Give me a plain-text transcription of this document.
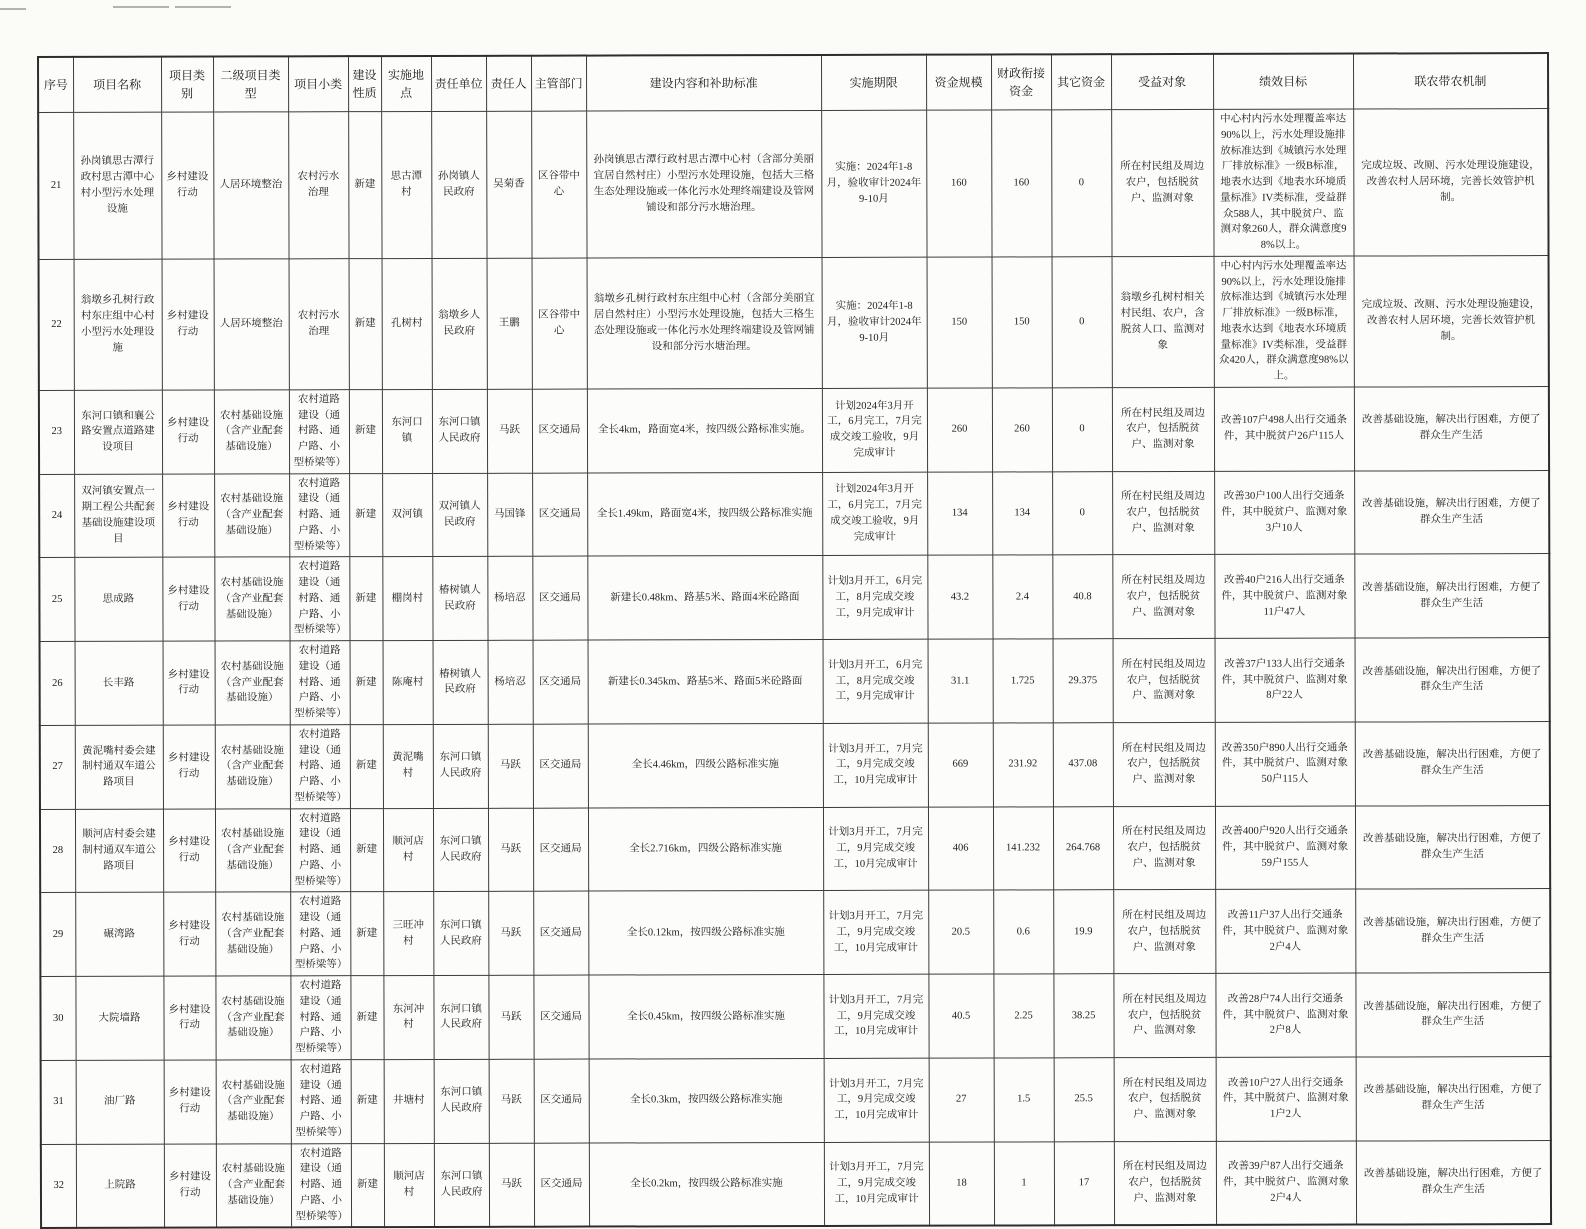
序号	项目名称	项目类别	二级项目类型	项目小类	建设性质	实施地点	责任单位	责任人	主管部门	建设内容和补助标准	实施期限	资金规模	财政衔接资金	其它资金	受益对象	绩效目标	联农带农机制
21	孙岗镇思古潭行政村思古潭中心村小型污水处理设施	乡村建设行动	人居环境整治	农村污水治理	新建	思古潭村	孙岗镇人民政府	吴菊香	区谷带中心	孙岗镇思古潭行政村思古潭中心村（含部分美丽宜居自然村庄）小型污水处理设施，包括大三格生态处理设施或一体化污水处理终端建设及管网铺设和部分污水塘治理。	实施：2024年1-8月，验收审计2024年9-10月	160	160	0	所在村民组及周边农户，包括脱贫户、监测对象	中心村内污水处理覆盖率达90%以上，污水处理设施排放标准达到《城镇污水处理厂排放标准》一级B标准，地表水达到《地表水环境质量标准》IV类标准，受益群众588人，其中脱贫户、监测对象260人，群众满意度98%以上。	完成垃圾、改厕、污水处理设施建设，改善农村人居环境，完善长效管护机制。
22	翁墩乡孔树行政村东庄组中心村小型污水处理设施	乡村建设行动	人居环境整治	农村污水治理	新建	孔树村	翁墩乡人民政府	王鹏	区谷带中心	翁墩乡孔树行政村东庄组中心村（含部分美丽宜居自然村庄）小型污水处理设施，包括大三格生态处理设施或一体化污水处理终端建设及管网铺设和部分污水塘治理。	实施：2024年1-8月，验收审计2024年9-10月	150	150	0	翁墩乡孔树村相关村民组、农户，含脱贫人口、监测对象	中心村内污水处理覆盖率达90%以上，污水处理设施排放标准达到《城镇污水处理厂排放标准》一级B标准，地表水达到《地表水环境质量标准》IV类标准，受益群众420人，群众满意度98%以上。	完成垃圾、改厕、污水处理设施建设，改善农村人居环境，完善长效管护机制。
23	东河口镇和襄公路安置点道路建设项目	乡村建设行动	农村基础设施（含产业配套基础设施）	农村道路建设（通村路、通户路、小型桥梁等）	新建	东河口镇	东河口镇人民政府	马跃	区交通局	全长4km，路面宽4米，按四级公路标准实施。	计划2024年3月开工，6月完工，7月完成交竣工验收，9月完成审计	260	260	0	所在村民组及周边农户，包括脱贫户、监测对象	改善107户498人出行交通条件，其中脱贫户26户115人	改善基础设施，解决出行困难，方便了群众生产生活
24	双河镇安置点一期工程公共配套基础设施建设项目	乡村建设行动	农村基础设施（含产业配套基础设施）	农村道路建设（通村路、通户路、小型桥梁等）	新建	双河镇	双河镇人民政府	马国锋	区交通局	全长1.49km，路面宽4米，按四级公路标准实施	计划2024年3月开工，6月完工，7月完成交竣工验收，9月完成审计	134	134	0	所在村民组及周边农户，包括脱贫户、监测对象	改善30户100人出行交通条件，其中脱贫户、监测对象3户10人	改善基础设施，解决出行困难，方便了群众生产生活
25	思成路	乡村建设行动	农村基础设施（含产业配套基础设施）	农村道路建设（通村路、通户路、小型桥梁等）	新建	棚岗村	椿树镇人民政府	杨培忍	区交通局	新建长0.48km、路基5米、路面4米砼路面	计划3月开工，6月完工，8月完成交竣工，9月完成审计	43.2	2.4	40.8	所在村民组及周边农户，包括脱贫户、监测对象	改善40户216人出行交通条件，其中脱贫户、监测对象11户47人	改善基础设施，解决出行困难，方便了群众生产生活
26	长丰路	乡村建设行动	农村基础设施（含产业配套基础设施）	农村道路建设（通村路、通户路、小型桥梁等）	新建	陈庵村	椿树镇人民政府	杨培忍	区交通局	新建长0.345km、路基5米、路面5米砼路面	计划3月开工，6月完工，8月完成交竣工，9月完成审计	31.1	1.725	29.375	所在村民组及周边农户，包括脱贫户、监测对象	改善37户133人出行交通条件，其中脱贫户、监测对象8户22人	改善基础设施，解决出行困难，方便了群众生产生活
27	黄泥嘴村委会建制村通双车道公路项目	乡村建设行动	农村基础设施（含产业配套基础设施）	农村道路建设（通村路、通户路、小型桥梁等）	新建	黄泥嘴村	东河口镇人民政府	马跃	区交通局	全长4.46km，四级公路标准实施	计划3月开工，7月完工，9月完成交竣工，10月完成审计	669	231.92	437.08	所在村民组及周边农户，包括脱贫户、监测对象	改善350户890人出行交通条件，其中脱贫户、监测对象50户115人	改善基础设施，解决出行困难，方便了群众生产生活
28	顺河店村委会建制村通双车道公路项目	乡村建设行动	农村基础设施（含产业配套基础设施）	农村道路建设（通村路、通户路、小型桥梁等）	新建	顺河店村	东河口镇人民政府	马跃	区交通局	全长2.716km，四级公路标准实施	计划3月开工，7月完工，9月完成交竣工，10月完成审计	406	141.232	264.768	所在村民组及周边农户，包括脱贫户、监测对象	改善400户920人出行交通条件，其中脱贫户、监测对象59户155人	改善基础设施，解决出行困难，方便了群众生产生活
29	碾湾路	乡村建设行动	农村基础设施（含产业配套基础设施）	农村道路建设（通村路、通户路、小型桥梁等）	新建	三旺冲村	东河口镇人民政府	马跃	区交通局	全长0.12km，按四级公路标准实施	计划3月开工，7月完工，9月完成交竣工，10月完成审计	20.5	0.6	19.9	所在村民组及周边农户，包括脱贫户、监测对象	改善11户37人出行交通条件，其中脱贫户、监测对象2户4人	改善基础设施，解决出行困难，方便了群众生产生活
30	大院墙路	乡村建设行动	农村基础设施（含产业配套基础设施）	农村道路建设（通村路、通户路、小型桥梁等）	新建	东河冲村	东河口镇人民政府	马跃	区交通局	全长0.45km，按四级公路标准实施	计划3月开工，7月完工，9月完成交竣工，10月完成审计	40.5	2.25	38.25	所在村民组及周边农户，包括脱贫户、监测对象	改善28户74人出行交通条件，其中脱贫户、监测对象2户8人	改善基础设施，解决出行困难，方便了群众生产生活
31	油厂路	乡村建设行动	农村基础设施（含产业配套基础设施）	农村道路建设（通村路、通户路、小型桥梁等）	新建	井塘村	东河口镇人民政府	马跃	区交通局	全长0.3km，按四级公路标准实施	计划3月开工，7月完工，9月完成交竣工，10月完成审计	27	1.5	25.5	所在村民组及周边农户，包括脱贫户、监测对象	改善10户27人出行交通条件，其中脱贫户、监测对象1户2人	改善基础设施，解决出行困难，方便了群众生产生活
32	上院路	乡村建设行动	农村基础设施（含产业配套基础设施）	农村道路建设（通村路、通户路、小型桥梁等）	新建	顺河店村	东河口镇人民政府	马跃	区交通局	全长0.2km，按四级公路标准实施	计划3月开工，7月完工，9月完成交竣工，10月完成审计	18	1	17	所在村民组及周边农户，包括脱贫户、监测对象	改善39户87人出行交通条件，其中脱贫户、监测对象2户4人	改善基础设施，解决出行困难，方便了群众生产生活
